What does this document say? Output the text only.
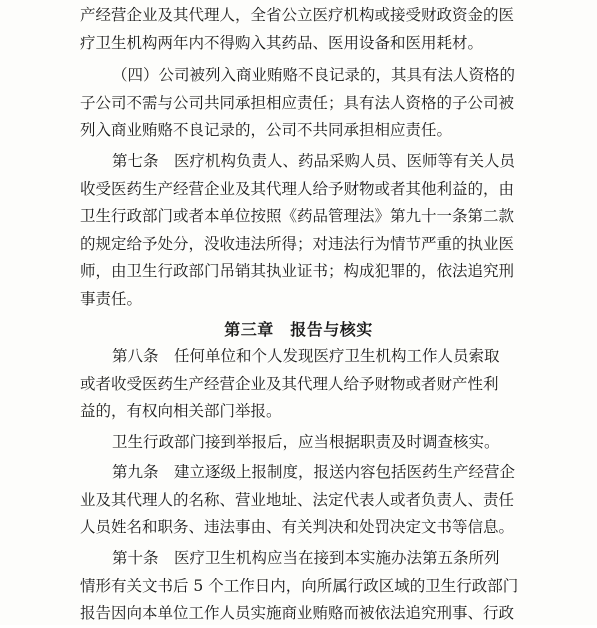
产经营企业及其代理人，全省公立医疗机构或接受财政资金的医
疗卫生机构两年内不得购入其药品、医用设备和医用耗材。
（四）公司被列入商业贿赂不良记录的，其具有法人资格的
子公司不需与公司共同承担相应责任；具有法人资格的子公司被
列入商业贿赂不良记录的，公司不共同承担相应责任。
第七条　医疗机构负责人、药品采购人员、医师等有关人员
收受医药生产经营企业及其代理人给予财物或者其他利益的，由
卫生行政部门或者本单位按照《药品管理法》第九十一条第二款
的规定给予处分，没收违法所得；对违法行为情节严重的执业医
师，由卫生行政部门吊销其执业证书；构成犯罪的，依法追究刑
事责任。
第三章　报告与核实
第八条　任何单位和个人发现医疗卫生机构工作人员索取
或者收受医药生产经营企业及其代理人给予财物或者财产性利
益的，有权向相关部门举报。
卫生行政部门接到举报后，应当根据职责及时调查核实。
第九条　建立逐级上报制度，报送内容包括医药生产经营企
业及其代理人的名称、营业地址、法定代表人或者负责人、责任
人员姓名和职务、违法事由、有关判决和处罚决定文书等信息。
第十条　医疗卫生机构应当在接到本实施办法第五条所列
情形有关文书后 5 个工作日内，向所属行政区域的卫生行政部门
报告因向本单位工作人员实施商业贿赂而被依法追究刑事、行政
